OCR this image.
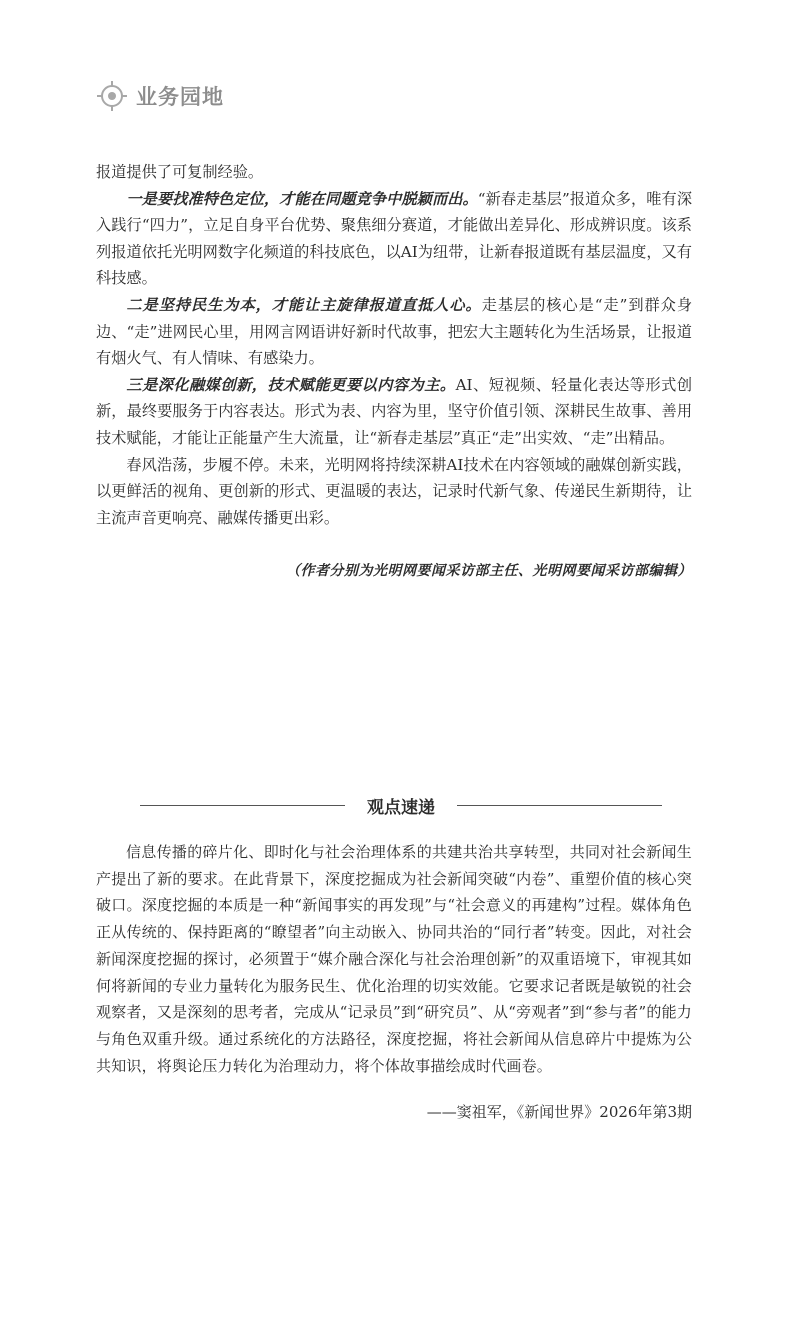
业务园地

报道提供了可复制经验。

一是要找准特色定位，才能在同题竞争中脱颖而出。“新春走基层”报道众多，唯有深入践行“四力”，立足自身平台优势、聚焦细分赛道，才能做出差异化、形成辨识度。该系列报道依托光明网数字化频道的科技底色，以AI为纽带，让新春报道既有基层温度，又有科技感。

二是坚持民生为本，才能让主旋律报道直抵人心。走基层的核心是“走”到群众身边、“走”进网民心里，用网言网语讲好新时代故事，把宏大主题转化为生活场景，让报道有烟火气、有人情味、有感染力。

三是深化融媒创新，技术赋能更要以内容为主。AI、短视频、轻量化表达等形式创新，最终要服务于内容表达。形式为表、内容为里，坚守价值引领、深耕民生故事、善用技术赋能，才能让正能量产生大流量，让“新春走基层”真正“走”出实效、“走”出精品。

春风浩荡，步履不停。未来，光明网将持续深耕AI技术在内容领域的融媒创新实践，以更鲜活的视角、更创新的形式、更温暖的表达，记录时代新气象、传递民生新期待，让主流声音更响亮、融媒传播更出彩。

（作者分别为光明网要闻采访部主任、光明网要闻采访部编辑）
观点速递

信息传播的碎片化、即时化与社会治理体系的共建共治共享转型，共同对社会新闻生产提出了新的要求。在此背景下，深度挖掘成为社会新闻突破“内卷”、重塑价值的核心突破口。深度挖掘的本质是一种“新闻事实的再发现”与“社会意义的再建构”过程。媒体角色正从传统的、保持距离的“瞭望者”向主动嵌入、协同共治的“同行者”转变。因此，对社会新闻深度挖掘的探讨，必须置于“媒介融合深化与社会治理创新”的双重语境下，审视其如何将新闻的专业力量转化为服务民生、优化治理的切实效能。它要求记者既是敏锐的社会观察者，又是深刻的思考者，完成从“记录员”到“研究员”、从“旁观者”到“参与者”的能力与角色双重升级。通过系统化的方法路径，深度挖掘，将社会新闻从信息碎片中提炼为公共知识，将舆论压力转化为治理动力，将个体故事描绘成时代画卷。

——窦祖军，《新闻世界》2026年第3期
